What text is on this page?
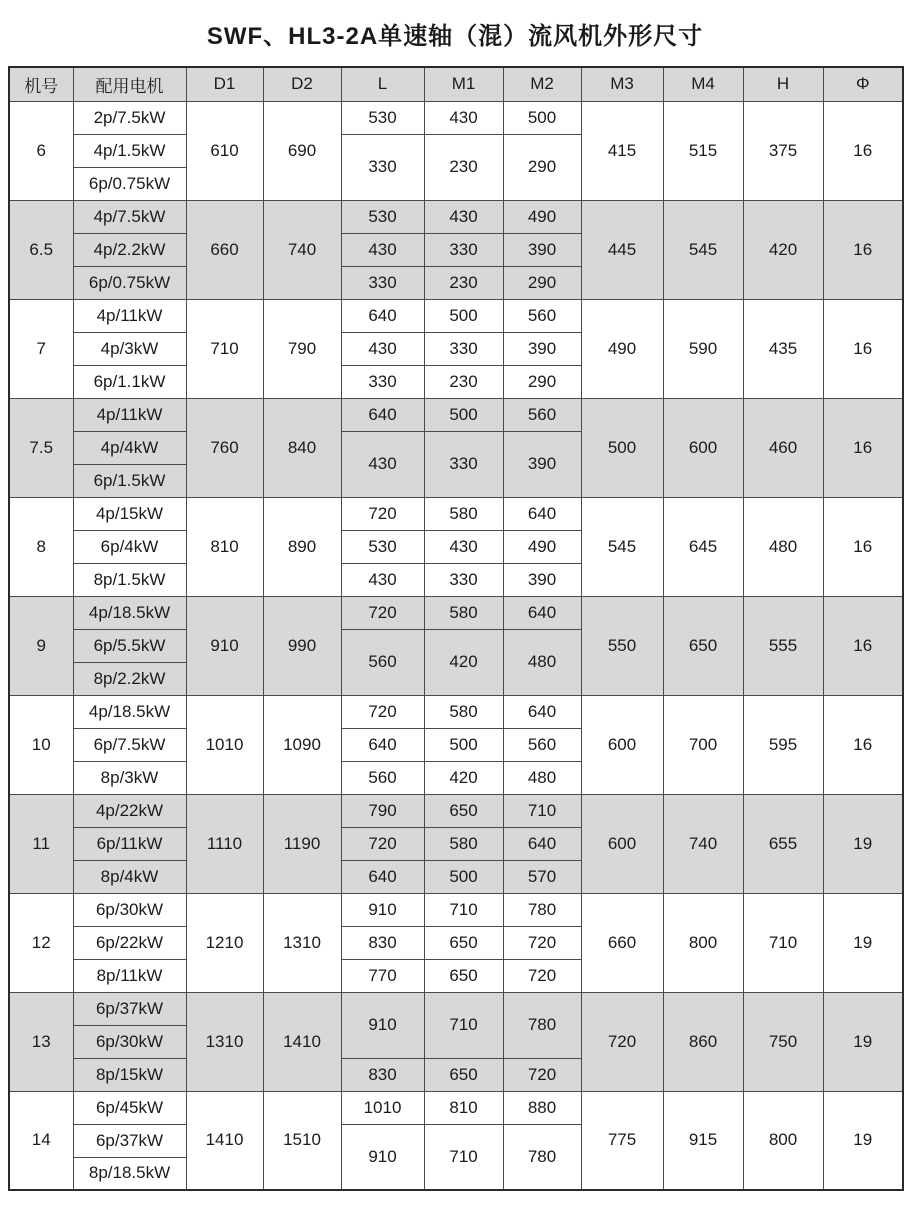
SWF、HL3-2A单速轴（混）流风机外形尺寸
机号	配用电机	D1	D2	L	M1	M2	M3	M4	H	Φ
6	2p/7.5kW	610	690	530	430	500	415	515	375	16
	4p/1.5kW			330	230	290				
	6p/0.75kW									
6.5	4p/7.5kW	660	740	530	430	490	445	545	420	16
	4p/2.2kW			430	330	390				
	6p/0.75kW			330	230	290				
7	4p/11kW	710	790	640	500	560	490	590	435	16
	4p/3kW			430	330	390				
	6p/1.1kW			330	230	290				
7.5	4p/11kW	760	840	640	500	560	500	600	460	16
	4p/4kW			430	330	390				
	6p/1.5kW									
8	4p/15kW	810	890	720	580	640	545	645	480	16
	6p/4kW			530	430	490				
	8p/1.5kW			430	330	390				
9	4p/18.5kW	910	990	720	580	640	550	650	555	16
	6p/5.5kW			560	420	480				
	8p/2.2kW									
10	4p/18.5kW	1010	1090	720	580	640	600	700	595	16
	6p/7.5kW			640	500	560				
	8p/3kW			560	420	480				
11	4p/22kW	1110	1190	790	650	710	600	740	655	19
	6p/11kW			720	580	640				
	8p/4kW			640	500	570				
12	6p/30kW	1210	1310	910	710	780	660	800	710	19
	6p/22kW			830	650	720				
	8p/11kW			770	650	720				
13	6p/37kW	1310	1410	910	710	780	720	860	750	19
	6p/30kW									
	8p/15kW			830	650	720				
14	6p/45kW	1410	1510	1010	810	880	775	915	800	19
	6p/37kW			910	710	780				
	8p/18.5kW									
